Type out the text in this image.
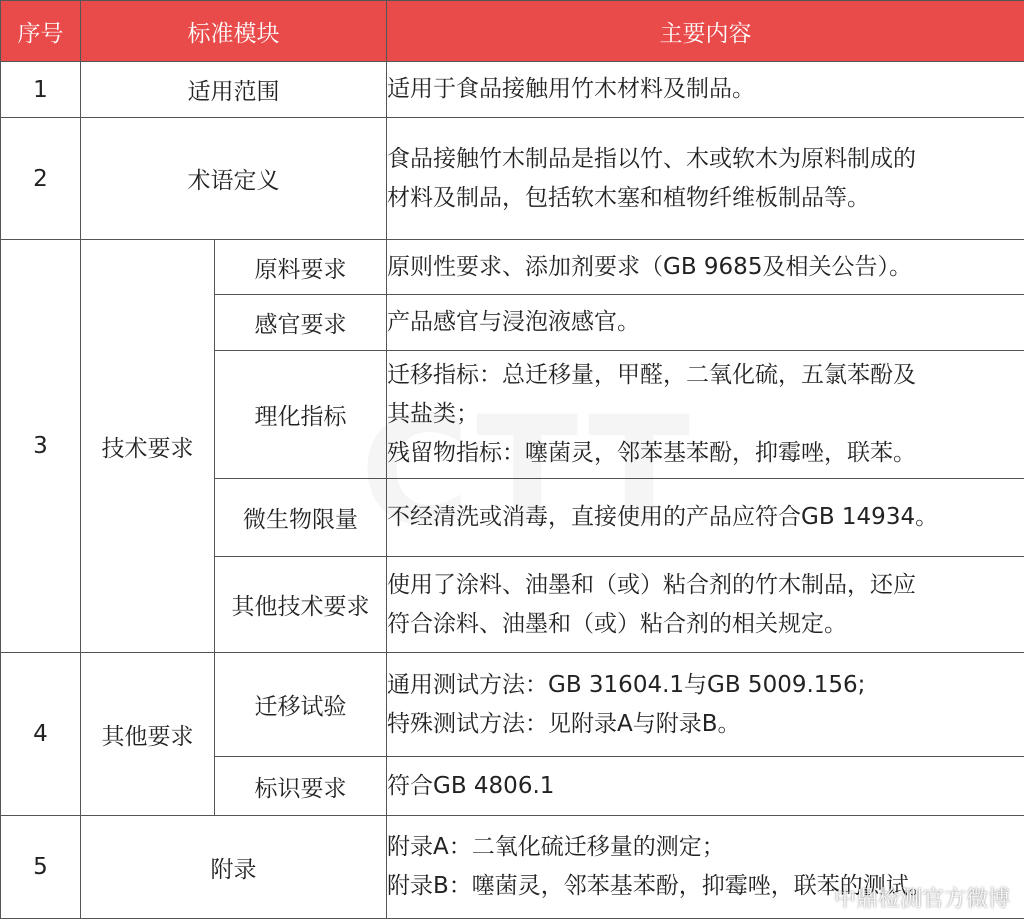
序号	标准模块		主要内容
1	适用范围		适用于食品接触用竹木材料及制品。

2	术语定义		食品接触竹木制品是指以竹、木或软木为原料制成的
材料及制品，包括软木塞和植物纤维板制品等。

3	技术要求	原料要求	原则性要求、添加剂要求（GB 9685及相关公告）。

		感官要求	产品感官与浸泡液感官。

		理化指标	迁移指标：总迁移量，甲醛，二氧化硫，五氯苯酚及
其盐类；
残留物指标：噻菌灵，邻苯基苯酚，抑霉唑，联苯。

		微生物限量	不经清洗或消毒，直接使用的产品应符合GB 14934。

		其他技术要求	使用了涂料、油墨和（或）粘合剂的竹木制品，还应
符合涂料、油墨和（或）粘合剂的相关规定。

4	其他要求	迁移试验	通用测试方法：GB 31604.1与GB 5009.156;
特殊测试方法：见附录A与附录B。

		标识要求	符合GB 4806.1

5	附录		附录A：二氧化硫迁移量的测定；
附录B：噻菌灵，邻苯基苯酚，抑霉唑，联苯的测试。
中鼎检测官方微博
